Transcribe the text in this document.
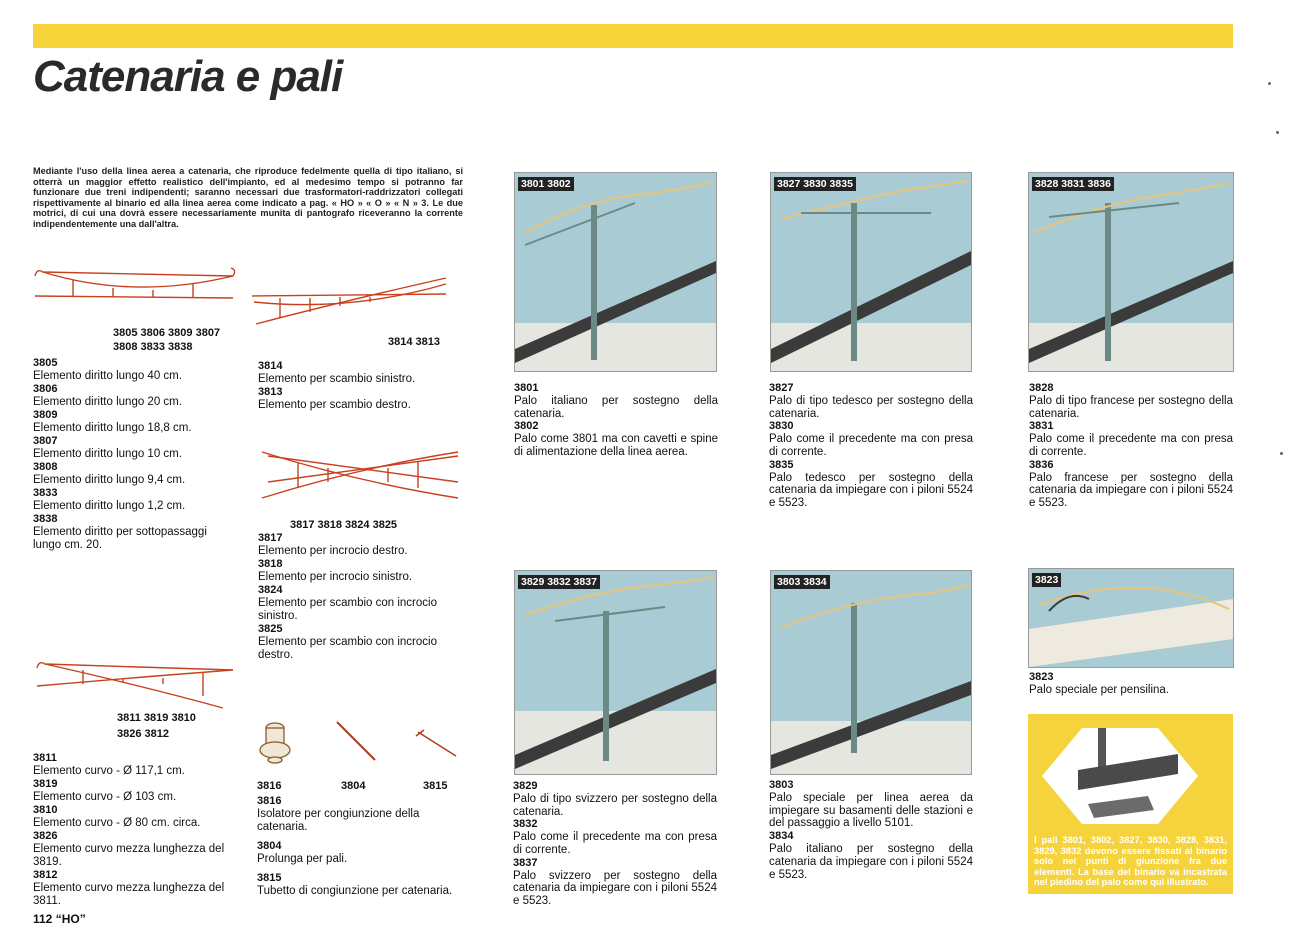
Catenaria e pali
Mediante l'uso della linea aerea a catenaria, che riproduce fedelmente quella di tipo italiano, si otterrà un maggior effetto realistico dell'impianto, ed al medesimo tempo si potranno far funzionare due treni indipendenti; saranno necessari due trasformatori-raddrizzatori collegati rispettivamente al binario ed alla linea aerea come indicato a pag. « HO » « O » « N » 3. Le due motrici, di cui una dovrà essere necessariamente munita di pantografo riceveranno la corrente indipendentemente una dall'altra.
3805 3806 3809 3807
3808 3833 3838
3805
Elemento diritto lungo 40 cm.
3806
Elemento diritto lungo 20 cm.
3809
Elemento diritto lungo 18,8 cm.
3807
Elemento diritto lungo 10 cm.
3808
Elemento diritto lungo 9,4 cm.
3833
Elemento diritto lungo 1,2 cm.
3838
Elemento diritto per sottopassaggi lungo cm. 20.
3814 3813
3814
Elemento per scambio sinistro.
3813
Elemento per scambio destro.
3817 3818 3824 3825
3817
Elemento per incrocio destro.
3818
Elemento per incrocio sinistro.
3824
Elemento per scambio con incrocio sinistro.
3825
Elemento per scambio con incrocio destro.
3811 3819 3810
3826 3812
3811
Elemento curvo - Ø 117,1 cm.
3819
Elemento curvo - Ø 103 cm.
3810
Elemento curvo - Ø 80 cm. circa.
3826
Elemento curvo mezza lunghezza del 3819.
3812
Elemento curvo mezza lunghezza del 3811.
3816	3804	3815
3816
Isolatore per congiunzione della catenaria.
3804
Prolunga per pali.
3815
Tubetto di congiunzione per catenaria.
3801 3802	3827 3830 3835	3828 3831 3836
3829 3832 3837	3803 3834	3823
3801
Palo italiano per sostegno della catenaria.
3802
Palo come 3801 ma con cavetti e spine di alimentazione della linea aerea.
3827
Palo di tipo tedesco per sostegno della catenaria.
3830
Palo come il precedente ma con presa di corrente.
3835
Palo tedesco per sostegno della catenaria da impiegare con i piloni 5524 e 5523.
3828
Palo di tipo francese per sostegno della catenaria.
3831
Palo come il precedente ma con presa di corrente.
3836
Palo francese per sostegno della catenaria da impiegare con i piloni 5524 e 5523.
3829
Palo di tipo svizzero per sostegno della catenaria.
3832
Palo come il precedente ma con presa di corrente.
3837
Palo svizzero per sostegno della catenaria da impiegare con i piloni 5524 e 5523.
3803
Palo speciale per linea aerea da impiegare su basamenti delle stazioni e del passaggio a livello 5101.
3834
Palo italiano per sostegno della catenaria da impiegare con i piloni 5524 e 5523.
3823
Palo speciale per pensilina.
I pali 3801, 3802, 3827, 3830, 3828, 3831, 3829, 3832 devono essere fissati al binario solo nei punti di giunzione fra due elementi. La base del binario va incastrata nel piedino del palo come qui illustrato.
112 “HO”
